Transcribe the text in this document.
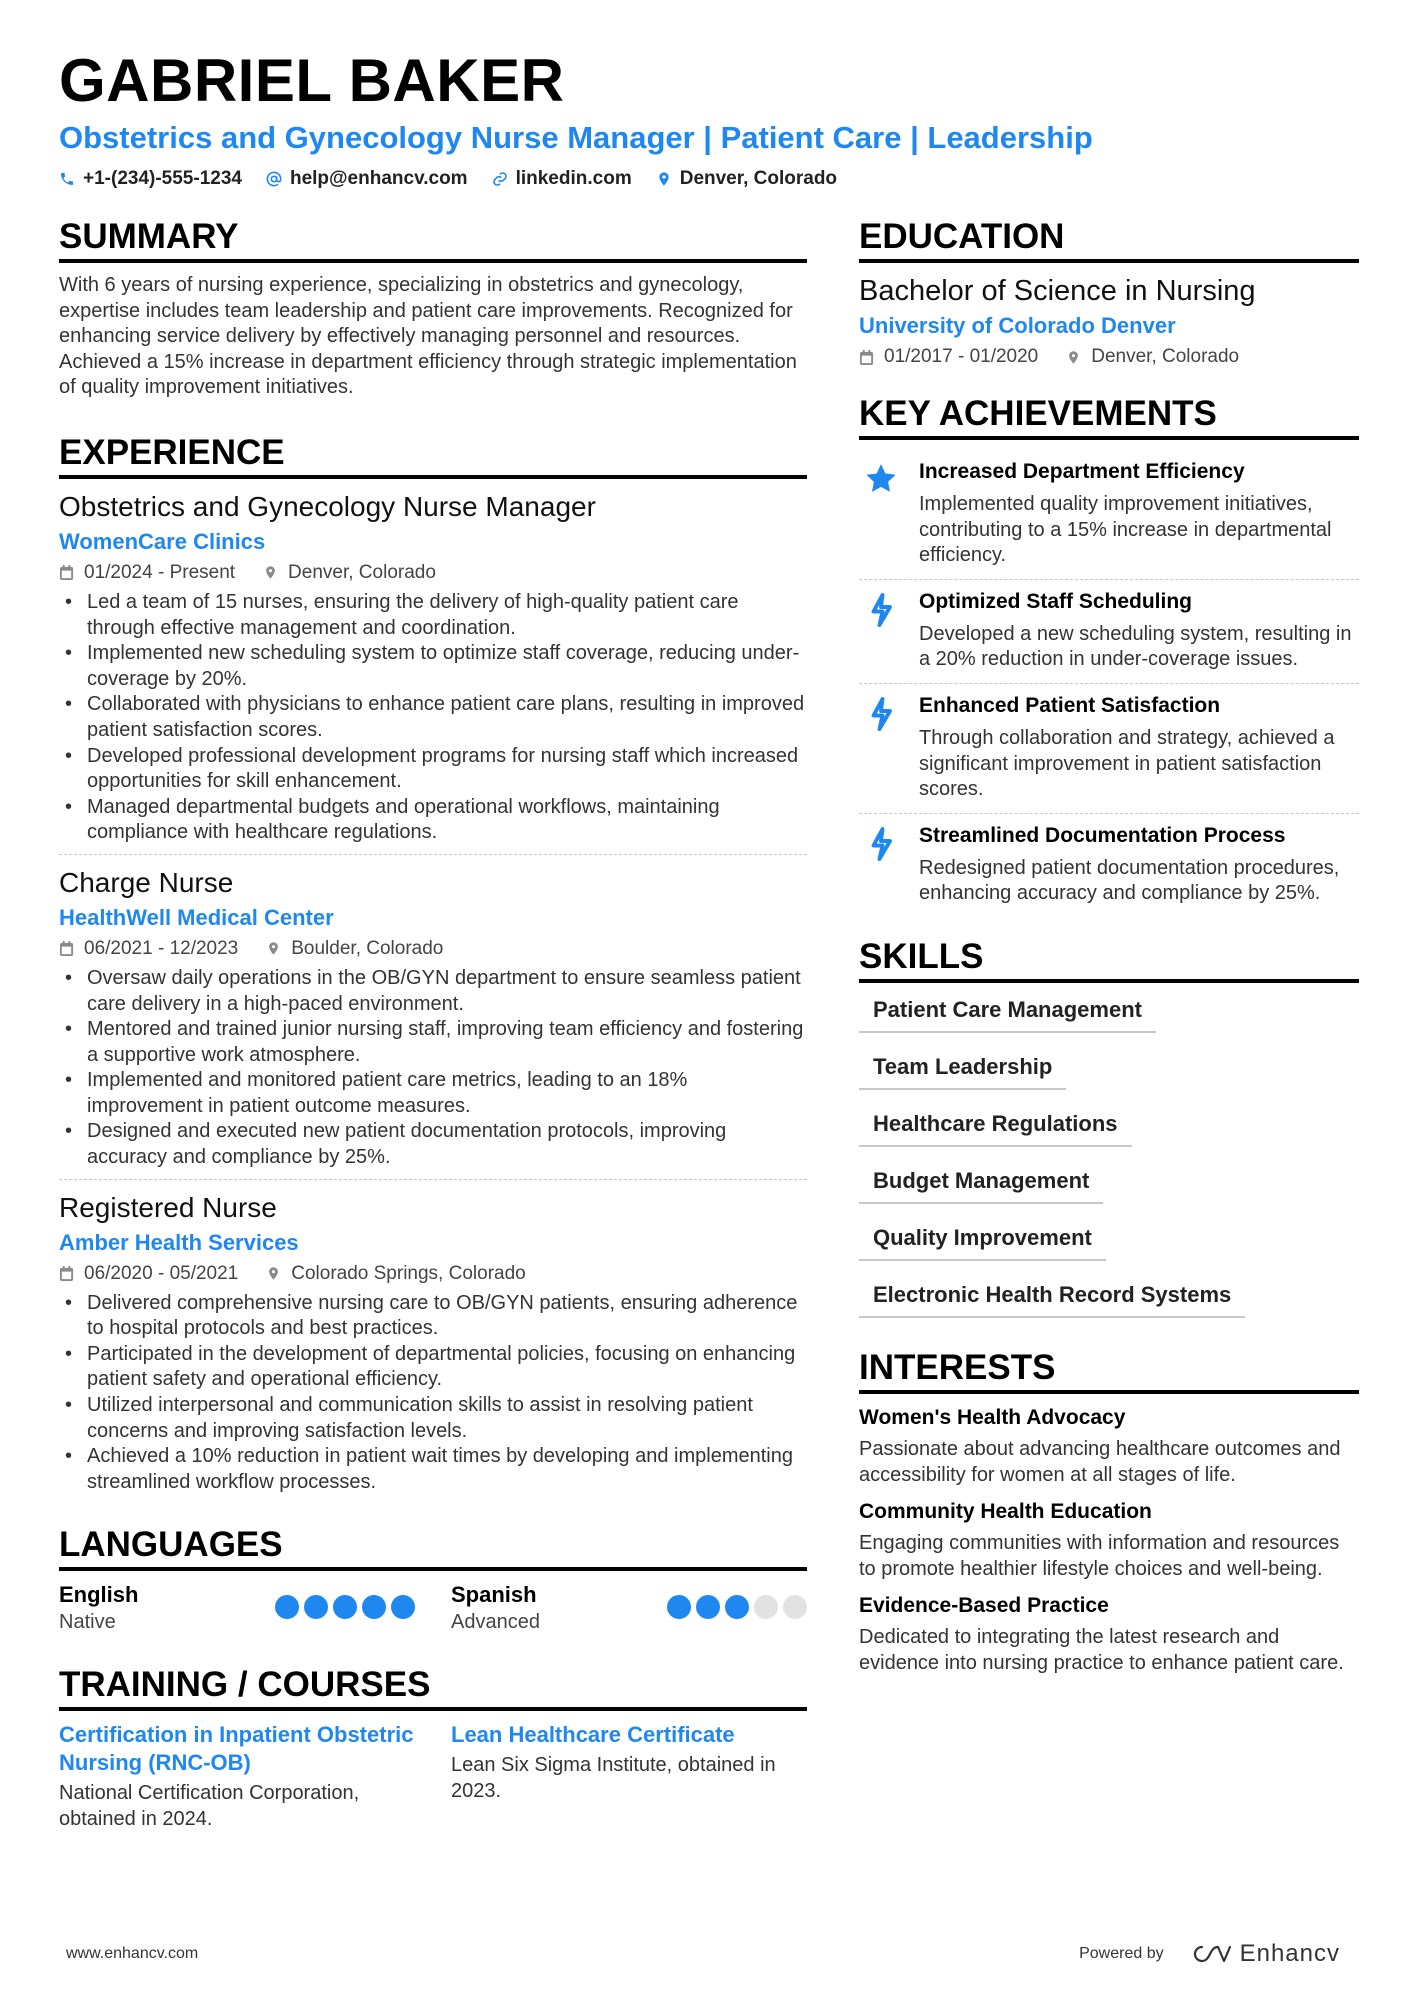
GABRIEL BAKER
Obstetrics and Gynecology Nurse Manager | Patient Care | Leadership
+1-(234)-555-1234	help@enhancv.com	linkedin.com	Denver, Colorado
SUMMARY

With 6 years of nursing experience, specializing in obstetrics and gynecology, expertise includes team leadership and patient care improvements. Recognized for enhancing service delivery by effectively managing personnel and resources. Achieved a 15% increase in department efficiency through strategic implementation of quality improvement initiatives.

EXPERIENCE
Obstetrics and Gynecology Nurse Manager
WomenCare Clinics
01/2024 - Present	Denver, Colorado
• Led a team of 15 nurses, ensuring the delivery of high-quality patient care through effective management and coordination.
• Implemented new scheduling system to optimize staff coverage, reducing under-coverage by 20%.
• Collaborated with physicians to enhance patient care plans, resulting in improved patient satisfaction scores.
• Developed professional development programs for nursing staff which increased opportunities for skill enhancement.
• Managed departmental budgets and operational workflows, maintaining compliance with healthcare regulations.
Charge Nurse
HealthWell Medical Center
06/2021 - 12/2023	Boulder, Colorado
• Oversaw daily operations in the OB/GYN department to ensure seamless patient care delivery in a high-paced environment.
• Mentored and trained junior nursing staff, improving team efficiency and fostering a supportive work atmosphere.
• Implemented and monitored patient care metrics, leading to an 18% improvement in patient outcome measures.
• Designed and executed new patient documentation protocols, improving accuracy and compliance by 25%.
Registered Nurse
Amber Health Services
06/2020 - 05/2021	Colorado Springs, Colorado
• Delivered comprehensive nursing care to OB/GYN patients, ensuring adherence to hospital protocols and best practices.
• Participated in the development of departmental policies, focusing on enhancing patient safety and operational efficiency.
• Utilized interpersonal and communication skills to assist in resolving patient concerns and improving satisfaction levels.
• Achieved a 10% reduction in patient wait times by developing and implementing streamlined workflow processes.
LANGUAGES
English
Native
Spanish
Advanced
TRAINING / COURSES
Certification in Inpatient Obstetric Nursing (RNC-OB)
National Certification Corporation, obtained in 2024.
Lean Healthcare Certificate
Lean Six Sigma Institute, obtained in 2023.
EDUCATION
Bachelor of Science in Nursing
University of Colorado Denver
01/2017 - 01/2020	Denver, Colorado
KEY ACHIEVEMENTS
Increased Department Efficiency
Implemented quality improvement initiatives, contributing to a 15% increase in departmental efficiency.
Optimized Staff Scheduling
Developed a new scheduling system, resulting in a 20% reduction in under-coverage issues.
Enhanced Patient Satisfaction
Through collaboration and strategy, achieved a significant improvement in patient satisfaction scores.
Streamlined Documentation Process
Redesigned patient documentation procedures, enhancing accuracy and compliance by 25%.
SKILLS
Patient Care Management
Team Leadership
Healthcare Regulations
Budget Management
Quality Improvement
Electronic Health Record Systems
INTERESTS
Women's Health Advocacy
Passionate about advancing healthcare outcomes and accessibility for women at all stages of life.
Community Health Education
Engaging communities with information and resources to promote healthier lifestyle choices and well-being.
Evidence-Based Practice
Dedicated to integrating the latest research and evidence into nursing practice to enhance patient care.
www.enhancv.com	Powered by	Enhancv
